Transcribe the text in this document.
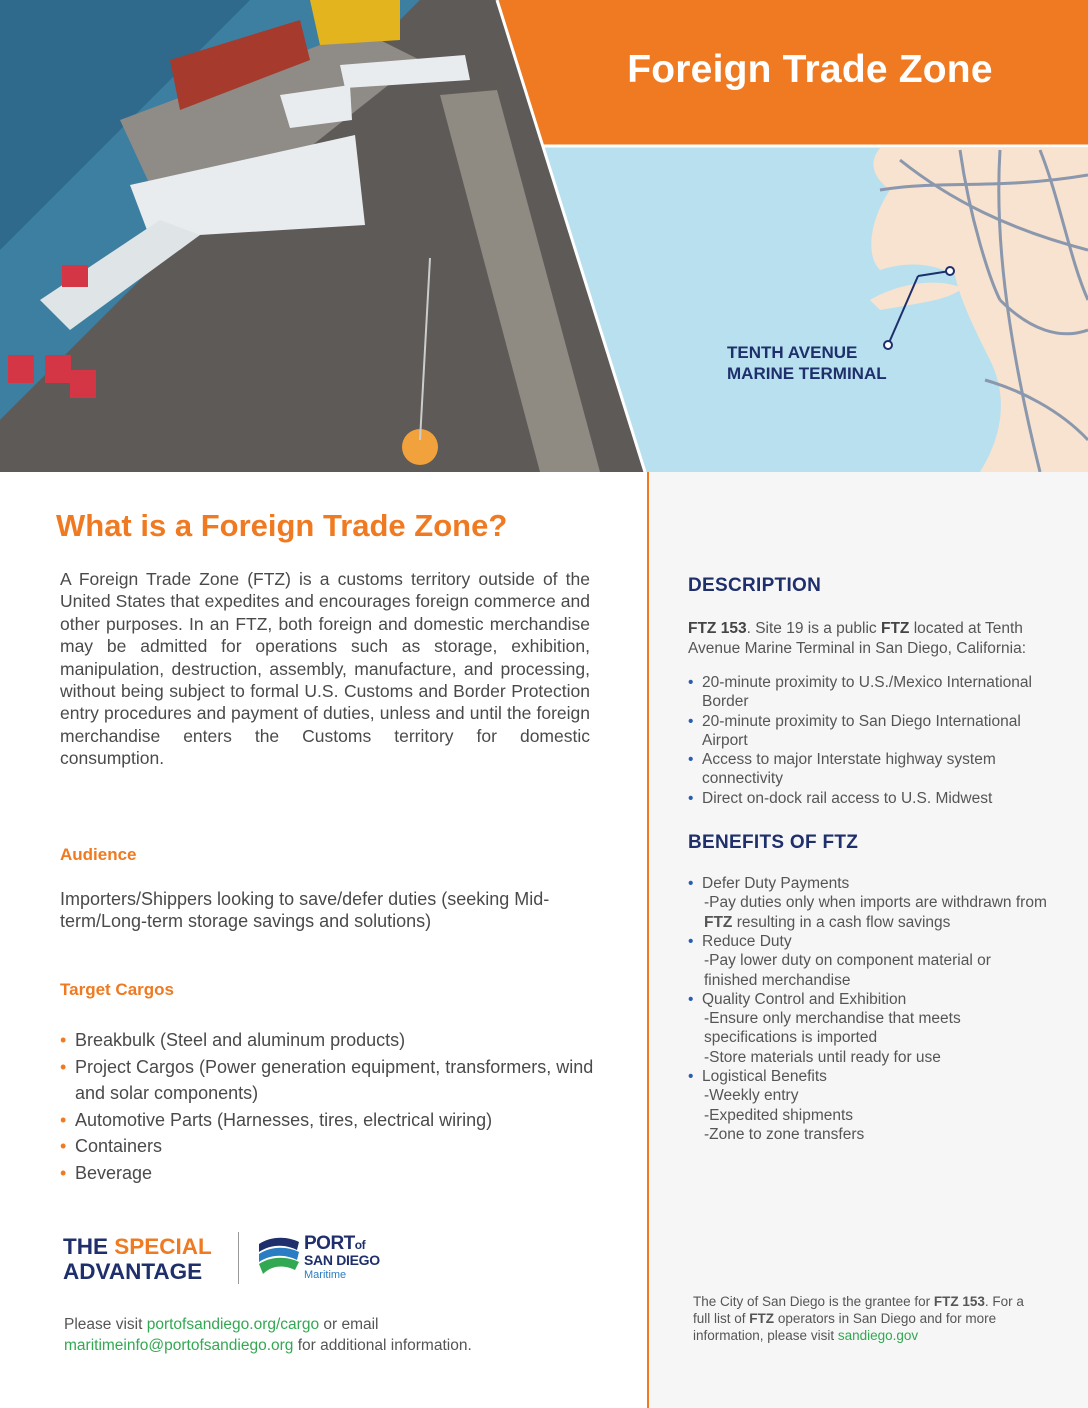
Foreign Trade Zone
TENTH AVENUE
MARINE TERMINAL
What is a Foreign Trade Zone?
A Foreign Trade Zone (FTZ) is a customs territory outside of the United States that expedites and encourages foreign commerce and other purposes. In an FTZ, both foreign and domestic merchandise may be admitted for operations such as storage, exhibition, manipulation, destruction, assembly, manufacture, and processing, without being subject to formal U.S. Customs and Border Protection entry procedures and payment of duties, unless and until the foreign merchandise enters the Customs territory for domestic consumption.
Audience
Importers/Shippers looking to save/defer duties (seeking Mid-term/Long-term storage savings and solutions)
Target Cargos
• Breakbulk (Steel and aluminum products)
• Project Cargos (Power generation equipment, transformers, wind and solar components)
• Automotive Parts (Harnesses, tires, electrical wiring)
• Containers
• Beverage
THE SPECIAL
ADVANTAGE
PORTof
SAN DIEGO
Maritime
Please visit portofsandiego.org/cargo or email
maritimeinfo@portofsandiego.org for additional information.
DESCRIPTION
FTZ 153. Site 19 is a public FTZ located at Tenth Avenue Marine Terminal in San Diego, California:
• 20-minute proximity to U.S./Mexico International Border
• 20-minute proximity to San Diego International Airport
• Access to major Interstate highway system connectivity
• Direct on-dock rail access to U.S. Midwest
BENEFITS OF FTZ
• Defer Duty Payments
-Pay duties only when imports are withdrawn from FTZ resulting in a cash flow savings
• Reduce Duty
-Pay lower duty on component material or finished merchandise
• Quality Control and Exhibition
-Ensure only merchandise that meets specifications is imported
-Store materials until ready for use
• Logistical Benefits
-Weekly entry
-Expedited shipments
-Zone to zone transfers
The City of San Diego is the grantee for FTZ 153. For a full list of FTZ operators in San Diego and for more information, please visit sandiego.gov
